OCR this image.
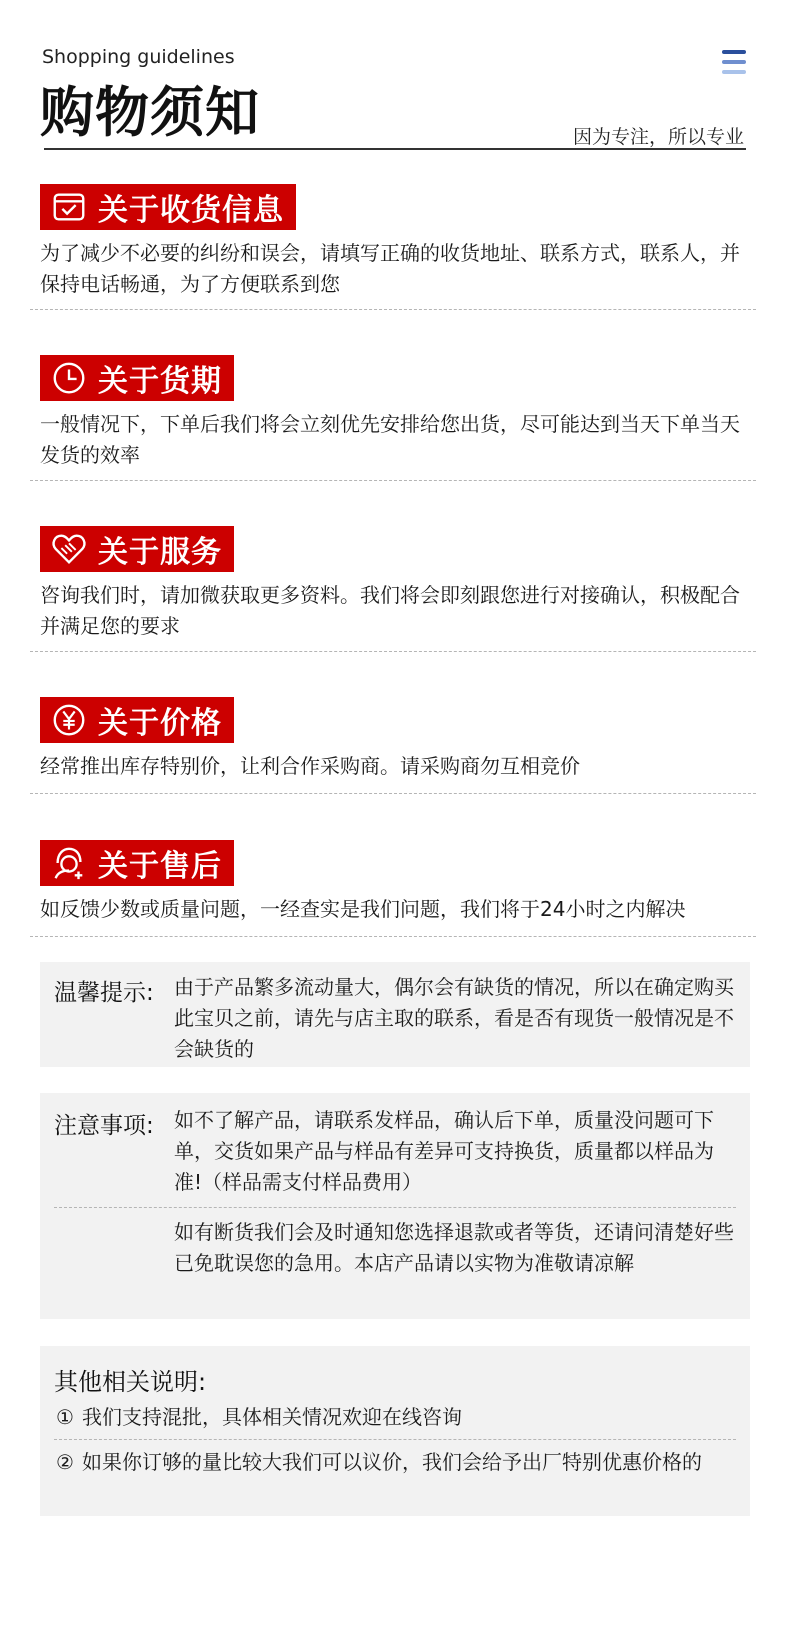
Shopping guidelines
购物须知	因为专注，所以专业
关于收货信息
为了减少不必要的纠纷和误会，请填写正确的收货地址、联系方式，联系人，并保持电话畅通，为了方便联系到您
关于货期
一般情况下，下单后我们将会立刻优先安排给您出货，尽可能达到当天下单当天发货的效率
关于服务
咨询我们时，请加微获取更多资料。我们将会即刻跟您进行对接确认，积极配合并满足您的要求
关于价格
经常推出库存特别价，让利合作采购商。请采购商勿互相竞价
关于售后
如反馈少数或质量问题，一经查实是我们问题，我们将于24小时之内解决
温馨提示: 由于产品繁多流动量大，偶尔会有缺货的情况，所以在确定购买此宝贝之前，请先与店主取的联系，看是否有现货一般情况是不会缺货的
注意事项: 如不了解产品，请联系发样品，确认后下单，质量没问题可下单，交货如果产品与样品有差异可支持换货，质量都以样品为准!（样品需支付样品费用）
如有断货我们会及时通知您选择退款或者等货，还请问清楚好些已免耽误您的急用。本店产品请以实物为准敬请凉解
其他相关说明:
① 我们支持混批，具体相关情况欢迎在线咨询
② 如果你订够的量比较大我们可以议价，我们会给予出厂特别优惠价格的
